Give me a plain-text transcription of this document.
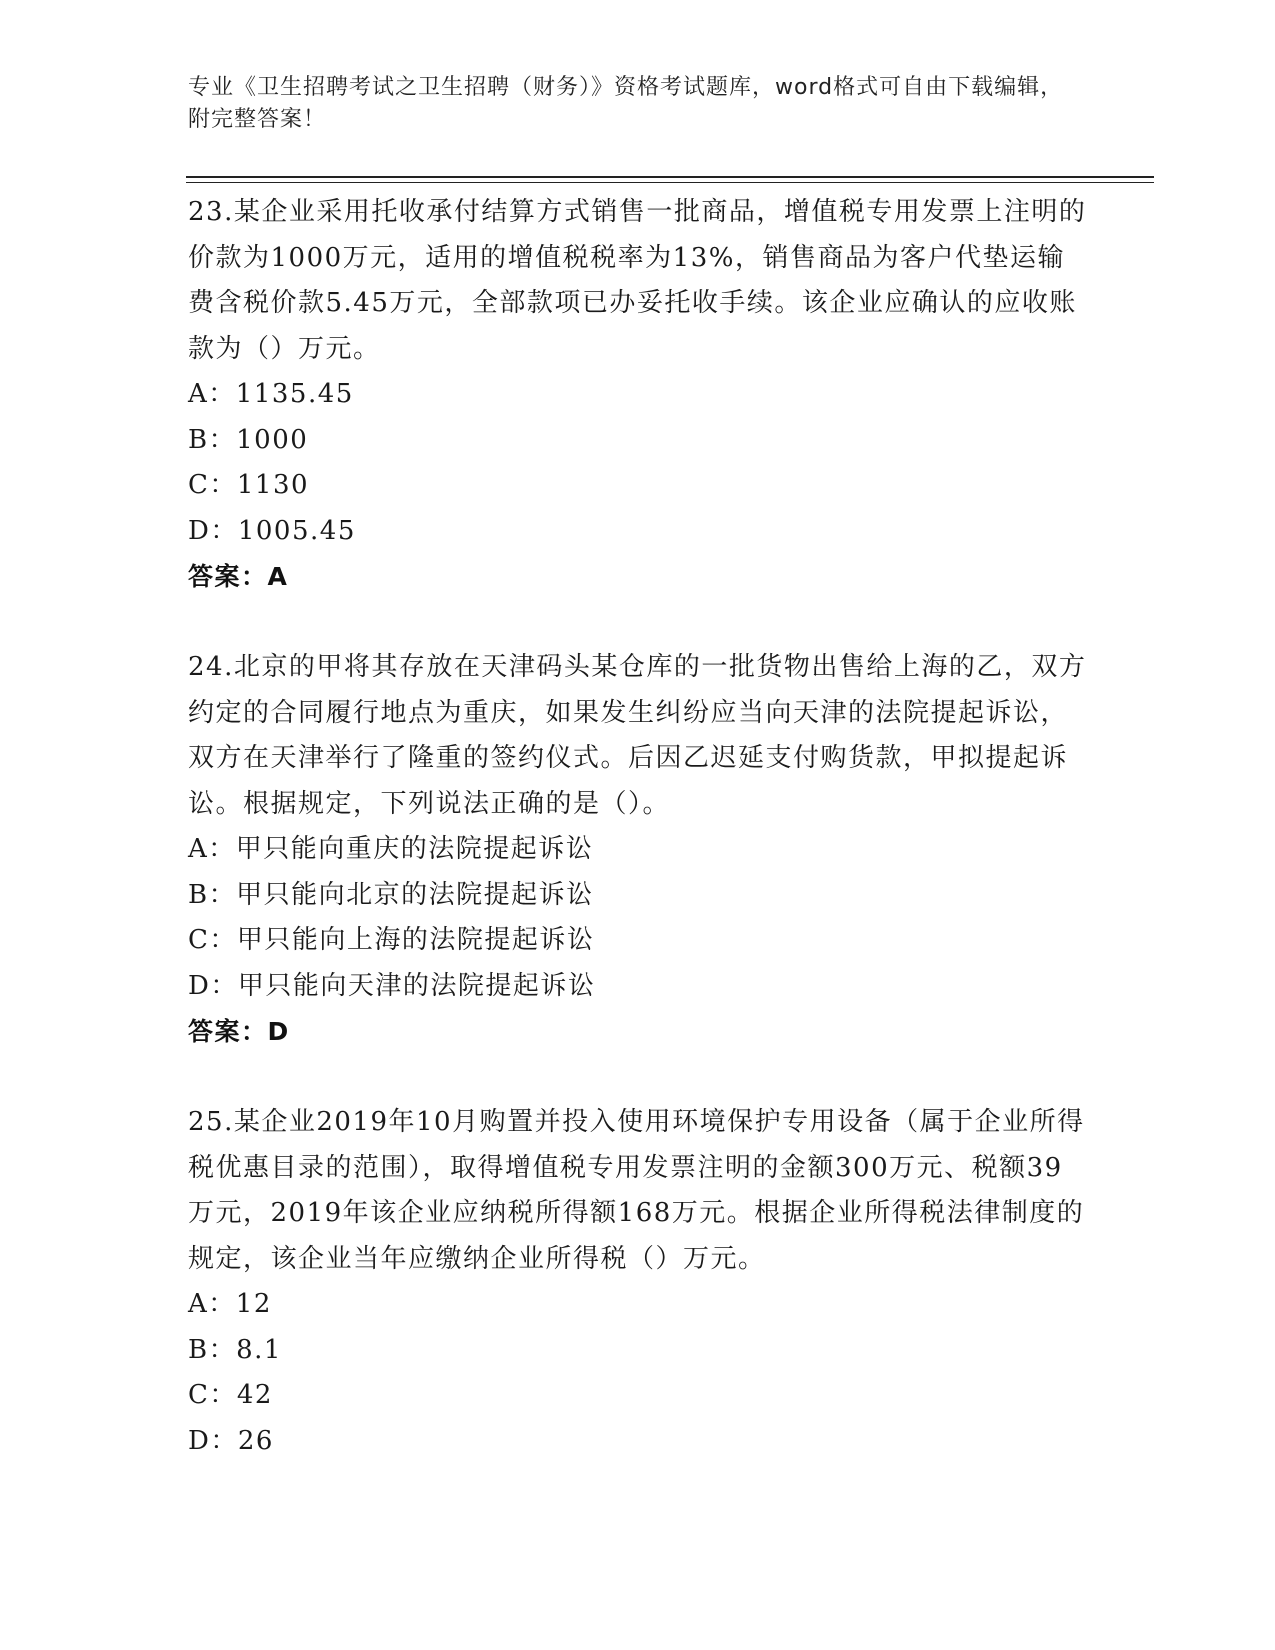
专业《卫生招聘考试之卫生招聘（财务）》资格考试题库，word格式可自由下载编辑，附完整答案！

23.某企业采用托收承付结算方式销售一批商品，增值税专用发票上注明的价款为1000万元，适用的增值税税率为13%，销售商品为客户代垫运输费含税价款5.45万元，全部款项已办妥托收手续。该企业应确认的应收账款为（）万元。

A：1135.45

B：1000

C：1130

D：1005.45

答案：A

24.北京的甲将其存放在天津码头某仓库的一批货物出售给上海的乙，双方约定的合同履行地点为重庆，如果发生纠纷应当向天津的法院提起诉讼，双方在天津举行了隆重的签约仪式。后因乙迟延支付购货款，甲拟提起诉讼。根据规定，下列说法正确的是（）。

A：甲只能向重庆的法院提起诉讼

B：甲只能向北京的法院提起诉讼

C：甲只能向上海的法院提起诉讼

D：甲只能向天津的法院提起诉讼

答案：D

25.某企业2019年10月购置并投入使用环境保护专用设备（属于企业所得税优惠目录的范围），取得增值税专用发票注明的金额300万元、税额39万元，2019年该企业应纳税所得额168万元。根据企业所得税法律制度的规定，该企业当年应缴纳企业所得税（）万元。

A：12

B：8.1

C：42

D：26
